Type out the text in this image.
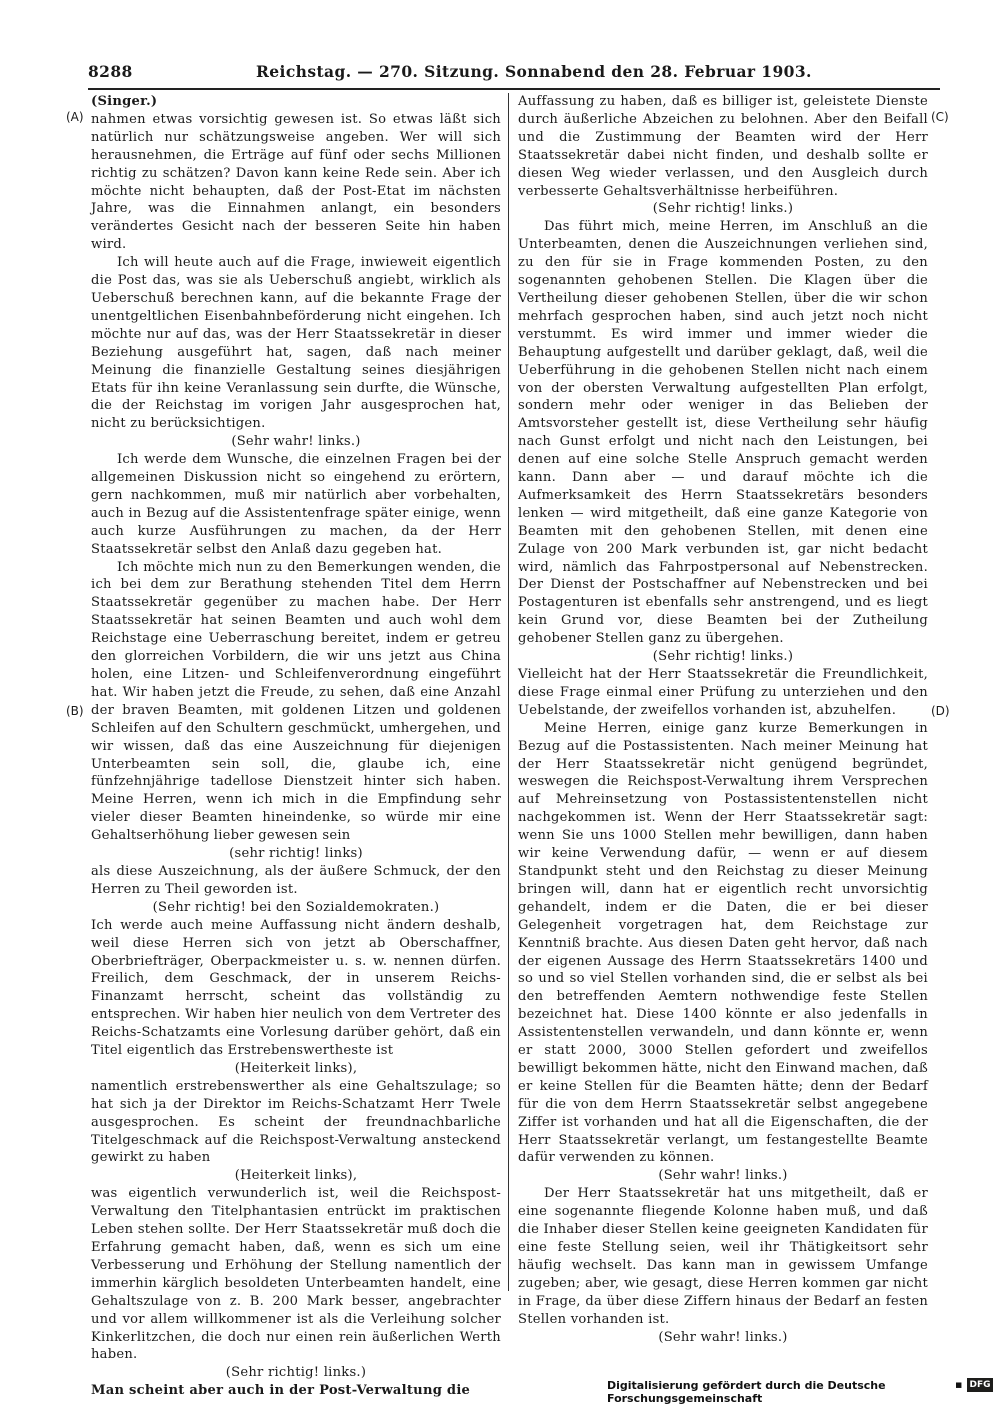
8288	Reichstag. — 270. Sitzung. Sonnabend den 28. Februar 1903.
(A)
(B)
(C)
(D)

(Singer.)

nahmen etwas vorsichtig gewesen ist. So etwas läßt sich natürlich nur schätzungsweise angeben. Wer will sich herausnehmen, die Erträge auf fünf oder sechs Millionen richtig zu schätzen? Davon kann keine Rede sein. Aber ich möchte nicht behaupten, daß der Post-Etat im nächsten Jahre, was die Einnahmen anlangt, ein besonders verändertes Gesicht nach der besseren Seite hin haben wird.

Ich will heute auch auf die Frage, inwieweit eigentlich die Post das, was sie als Ueberschuß angiebt, wirklich als Ueberschuß berechnen kann, auf die bekannte Frage der unentgeltlichen Eisenbahnbeförderung nicht eingehen. Ich möchte nur auf das, was der Herr Staatssekretär in dieser Beziehung ausgeführt hat, sagen, daß nach meiner Meinung die finanzielle Gestaltung seines diesjährigen Etats für ihn keine Veranlassung sein durfte, die Wünsche, die der Reichstag im vorigen Jahr ausgesprochen hat, nicht zu berücksichtigen.

(Sehr wahr! links.)

Ich werde dem Wunsche, die einzelnen Fragen bei der allgemeinen Diskussion nicht so eingehend zu erörtern, gern nachkommen, muß mir natürlich aber vorbehalten, auch in Bezug auf die Assistentenfrage später einige, wenn auch kurze Ausführungen zu machen, da der Herr Staatssekretär selbst den Anlaß dazu gegeben hat.

Ich möchte mich nun zu den Bemerkungen wenden, die ich bei dem zur Berathung stehenden Titel dem Herrn Staatssekretär gegenüber zu machen habe. Der Herr Staatssekretär hat seinen Beamten und auch wohl dem Reichstage eine Ueberraschung bereitet, indem er getreu den glorreichen Vorbildern, die wir uns jetzt aus China holen, eine Litzen- und Schleifenverordnung eingeführt hat. Wir haben jetzt die Freude, zu sehen, daß eine Anzahl der braven Beamten, mit goldenen Litzen und goldenen Schleifen auf den Schultern geschmückt, umhergehen, und wir wissen, daß das eine Auszeichnung für diejenigen Unterbeamten sein soll, die, glaube ich, eine fünfzehnjährige tadellose Dienstzeit hinter sich haben. Meine Herren, wenn ich mich in die Empfindung sehr vieler dieser Beamten hineindenke, so würde mir eine Gehaltserhöhung lieber gewesen sein

(sehr richtig! links)

als diese Auszeichnung, als der äußere Schmuck, der den Herren zu Theil geworden ist.

(Sehr richtig! bei den Sozialdemokraten.)

Ich werde auch meine Auffassung nicht ändern deshalb, weil diese Herren sich von jetzt ab Oberschaffner, Oberbriefträger, Oberpackmeister u. s. w. nennen dürfen. Freilich, dem Geschmack, der in unserem Reichs-Finanzamt herrscht, scheint das vollständig zu entsprechen. Wir haben hier neulich von dem Vertreter des Reichs-Schatzamts eine Vorlesung darüber gehört, daß ein Titel eigentlich das Erstrebenswertheste ist

(Heiterkeit links),

namentlich erstrebenswerther als eine Gehaltszulage; so hat sich ja der Direktor im Reichs-Schatzamt Herr Twele ausgesprochen. Es scheint der freundnachbarliche Titelgeschmack auf die Reichspost-Verwaltung ansteckend gewirkt zu haben

(Heiterkeit links),

was eigentlich verwunderlich ist, weil die Reichspost-Verwaltung den Titelphantasien entrückt im praktischen Leben stehen sollte. Der Herr Staatssekretär muß doch die Erfahrung gemacht haben, daß, wenn es sich um eine Verbesserung und Erhöhung der Stellung namentlich der immerhin kärglich besoldeten Unterbeamten handelt, eine Gehaltszulage von z. B. 200 Mark besser, angebrachter und vor allem willkommener ist als die Verleihung solcher Kinkerlitzchen, die doch nur einen rein äußerlichen Werth haben.

(Sehr richtig! links.)

Man scheint aber auch in der Post-Verwaltung die

Auffassung zu haben, daß es billiger ist, geleistete Dienste durch äußerliche Abzeichen zu belohnen. Aber den Beifall und die Zustimmung der Beamten wird der Herr Staatssekretär dabei nicht finden, und deshalb sollte er diesen Weg wieder verlassen, und den Ausgleich durch verbesserte Gehaltsverhältnisse herbeiführen.

(Sehr richtig! links.)

Das führt mich, meine Herren, im Anschluß an die Unterbeamten, denen die Auszeichnungen verliehen sind, zu den für sie in Frage kommenden Posten, zu den sogenannten gehobenen Stellen. Die Klagen über die Vertheilung dieser gehobenen Stellen, über die wir schon mehrfach gesprochen haben, sind auch jetzt noch nicht verstummt. Es wird immer und immer wieder die Behauptung aufgestellt und darüber geklagt, daß, weil die Ueberführung in die gehobenen Stellen nicht nach einem von der obersten Verwaltung aufgestellten Plan erfolgt, sondern mehr oder weniger in das Belieben der Amtsvorsteher gestellt ist, diese Vertheilung sehr häufig nach Gunst erfolgt und nicht nach den Leistungen, bei denen auf eine solche Stelle Anspruch gemacht werden kann. Dann aber — und darauf möchte ich die Aufmerksamkeit des Herrn Staatssekretärs besonders lenken — wird mitgetheilt, daß eine ganze Kategorie von Beamten mit den gehobenen Stellen, mit denen eine Zulage von 200 Mark verbunden ist, gar nicht bedacht wird, nämlich das Fahrpostpersonal auf Nebenstrecken. Der Dienst der Postschaffner auf Nebenstrecken und bei Postagenturen ist ebenfalls sehr anstrengend, und es liegt kein Grund vor, diese Beamten bei der Zutheilung gehobener Stellen ganz zu übergehen.

(Sehr richtig! links.)

Vielleicht hat der Herr Staatssekretär die Freundlichkeit, diese Frage einmal einer Prüfung zu unterziehen und den Uebelstande, der zweifellos vorhanden ist, abzuhelfen.

Meine Herren, einige ganz kurze Bemerkungen in Bezug auf die Postassistenten. Nach meiner Meinung hat der Herr Staatssekretär nicht genügend begründet, weswegen die Reichspost-Verwaltung ihrem Versprechen auf Mehreinsetzung von Postassistentenstellen nicht nachgekommen ist. Wenn der Herr Staatssekretär sagt: wenn Sie uns 1000 Stellen mehr bewilligen, dann haben wir keine Verwendung dafür, — wenn er auf diesem Standpunkt steht und den Reichstag zu dieser Meinung bringen will, dann hat er eigentlich recht unvorsichtig gehandelt, indem er die Daten, die er bei dieser Gelegenheit vorgetragen hat, dem Reichstage zur Kenntniß brachte. Aus diesen Daten geht hervor, daß nach der eigenen Aussage des Herrn Staatssekretärs 1400 und so und so viel Stellen vorhanden sind, die er selbst als bei den betreffenden Aemtern nothwendige feste Stellen bezeichnet hat. Diese 1400 könnte er also jedenfalls in Assistentenstellen verwandeln, und dann könnte er, wenn er statt 2000, 3000 Stellen gefordert und zweifellos bewilligt bekommen hätte, nicht den Einwand machen, daß er keine Stellen für die Beamten hätte; denn der Bedarf für die von dem Herrn Staatssekretär selbst angegebene Ziffer ist vorhanden und hat all die Eigenschaften, die der Herr Staatssekretär verlangt, um festangestellte Beamte dafür verwenden zu können.

(Sehr wahr! links.)

Der Herr Staatssekretär hat uns mitgetheilt, daß er eine sogenannte fliegende Kolonne haben muß, und daß die Inhaber dieser Stellen keine geeigneten Kandidaten für eine feste Stellung seien, weil ihr Thätigkeitsort sehr häufig wechselt. Das kann man in gewissem Umfange zugeben; aber, wie gesagt, diese Herren kommen gar nicht in Frage, da über diese Ziffern hinaus der Bedarf an festen Stellen vorhanden ist.

(Sehr wahr! links.)

Digitalisierung gefördert durch die Deutsche Forschungsgemeinschaft
▪ DFG
